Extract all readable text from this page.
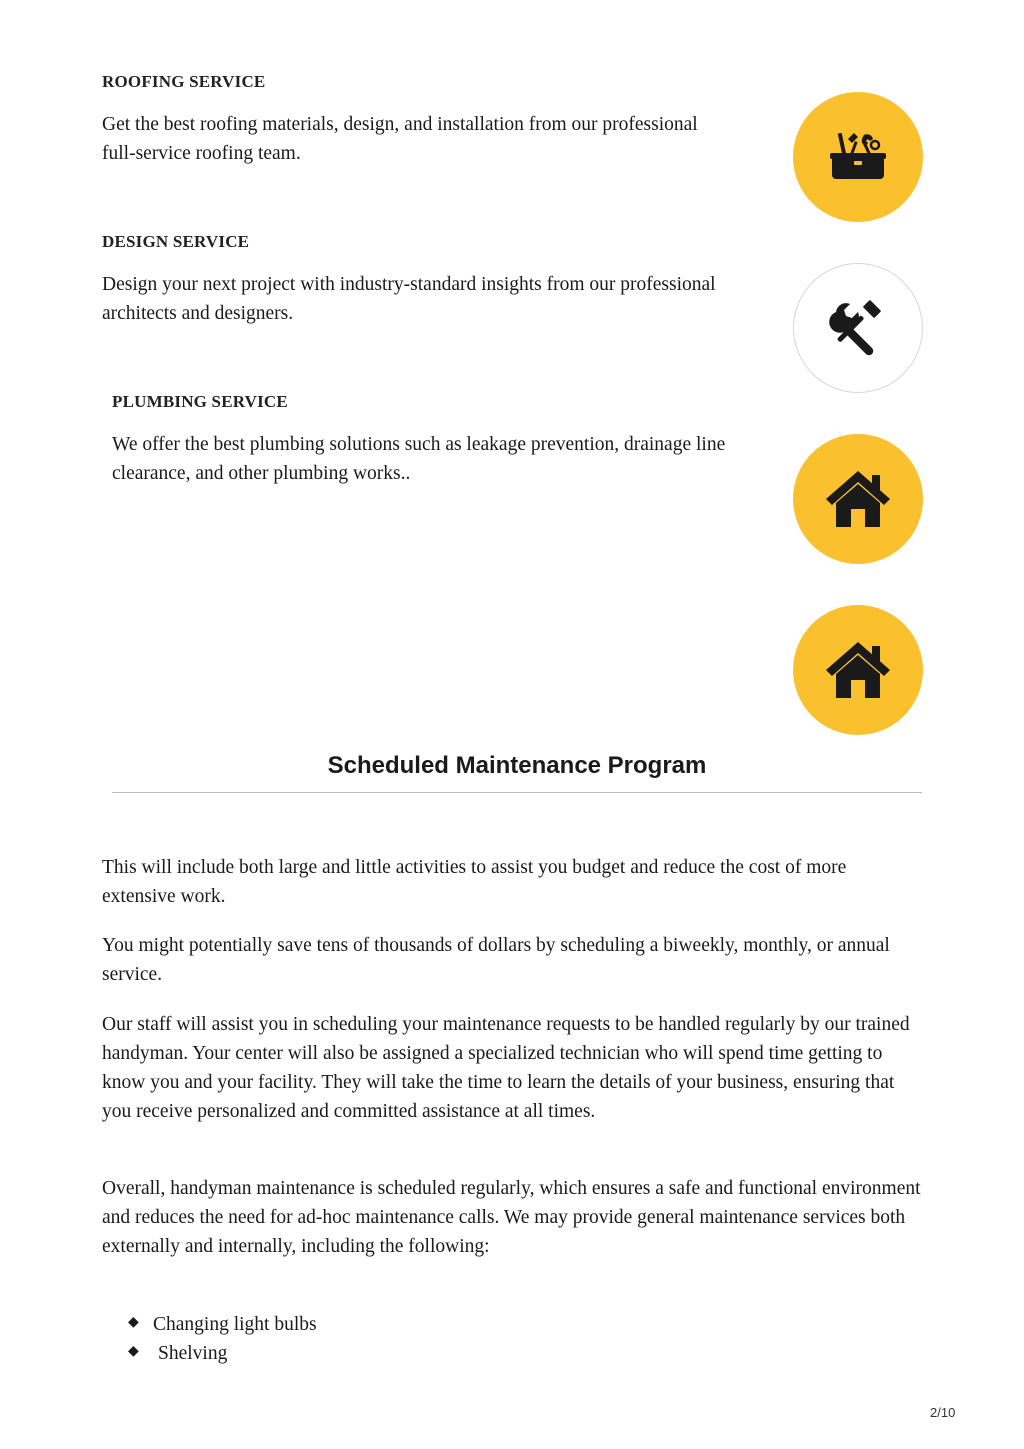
ROOFING SERVICE

Get the best roofing materials, design, and installation from our professional full-service roofing team.

DESIGN SERVICE

Design your next project with industry-standard insights from our professional architects and designers.

PLUMBING SERVICE

We offer the best plumbing solutions such as leakage prevention, drainage line clearance, and other plumbing works..

Scheduled Maintenance Program

This will include both large and little activities to assist you budget and reduce the cost of more extensive work.

You might potentially save tens of thousands of dollars by scheduling a biweekly, monthly, or annual service.

Our staff will assist you in scheduling your maintenance requests to be handled regularly by our trained handyman. Your center will also be assigned a specialized technician who will spend time getting to know you and your facility. They will take the time to learn the details of your business, ensuring that you receive personalized and committed assistance at all times.

Overall, handyman maintenance is scheduled regularly, which ensures a safe and functional environment and reduces the need for ad-hoc maintenance calls. We may provide general maintenance services both externally and internally, including the following:

◆ Changing light bulbs
◆ Shelving
2/10
